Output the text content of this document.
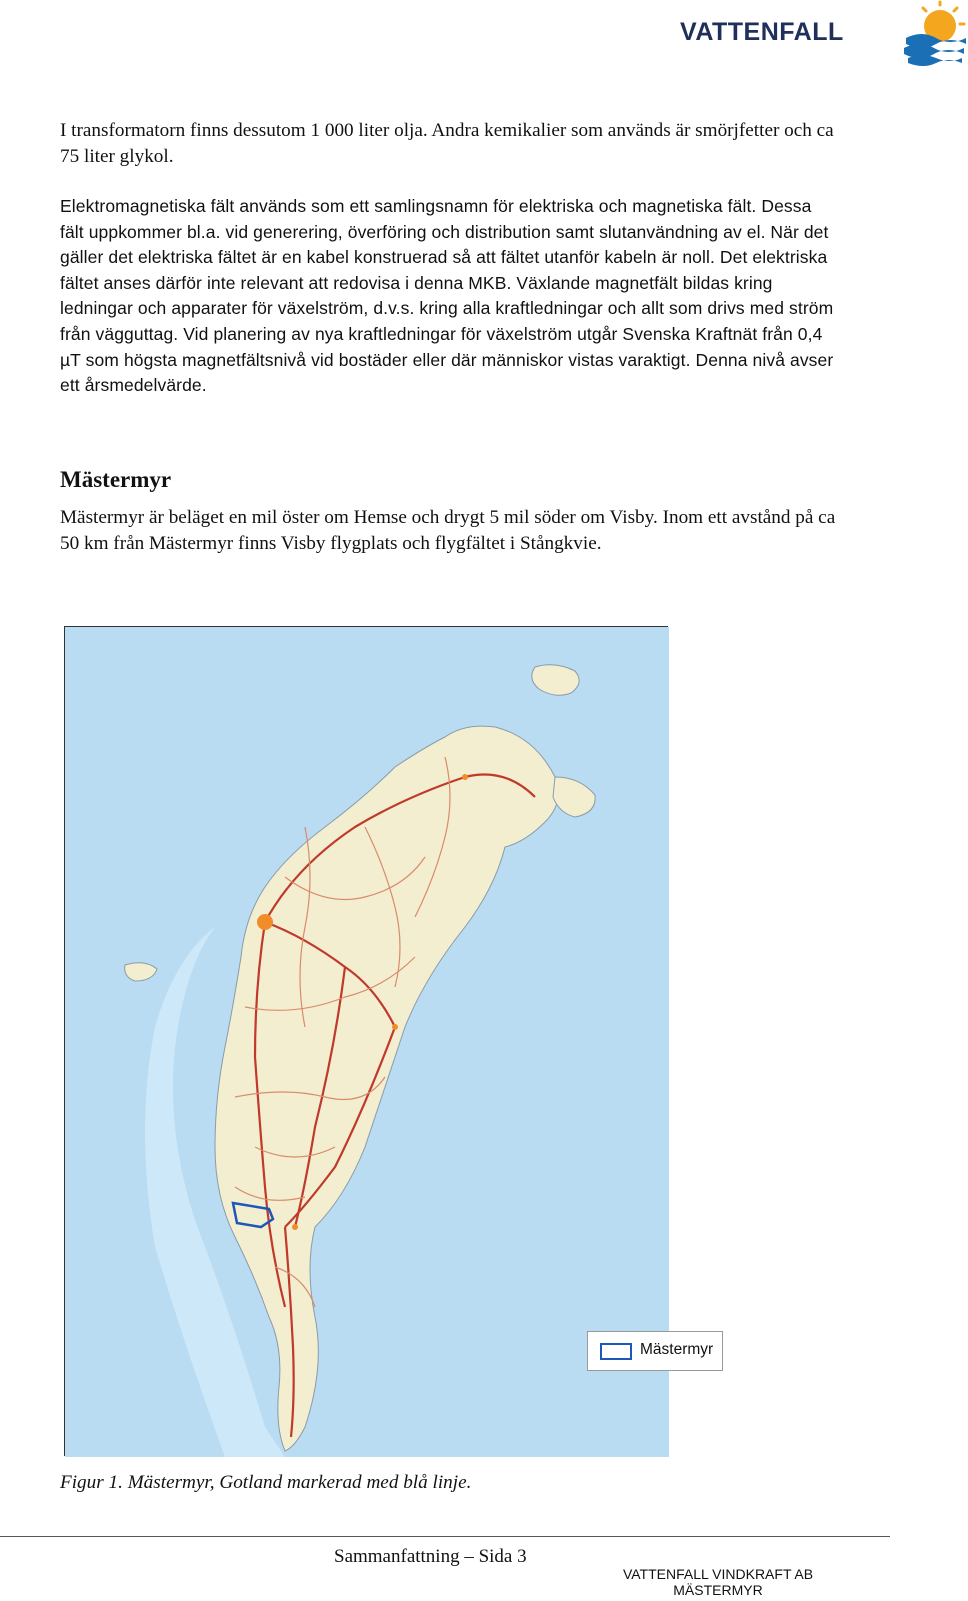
VATTENFALL

I transformatorn finns dessutom 1 000 liter olja. Andra kemikalier som används är smörjfetter och ca 75 liter glykol.

Elektromagnetiska fält används som ett samlingsnamn för elektriska och magnetiska fält. Dessa fält uppkommer bl.a. vid generering, överföring och distribution samt slutanvändning av el. När det gäller det elektriska fältet är en kabel konstruerad så att fältet utanför kabeln är noll. Det elektriska fältet anses därför inte relevant att redovisa i denna MKB. Växlande magnetfält bildas kring ledningar och apparater för växelström, d.v.s. kring alla kraftledningar och allt som drivs med ström från vägguttag. Vid planering av nya kraftledningar för växelström utgår Svenska Kraftnät från 0,4 µT som högsta magnetfältsnivå vid bostäder eller där människor vistas varaktigt. Denna nivå avser ett årsmedelvärde.

Mästermyr

Mästermyr är beläget en mil öster om Hemse och drygt 5 mil söder om Visby. Inom ett avstånd på ca 50 km från Mästermyr finns Visby flygplats och flygfältet i Stångkvie.

Mästermyr

Figur 1. Mästermyr, Gotland markerad med blå linje.

Sammanfattning – Sida 3
VATTENFALL VINDKRAFT AB
MÄSTERMYR
